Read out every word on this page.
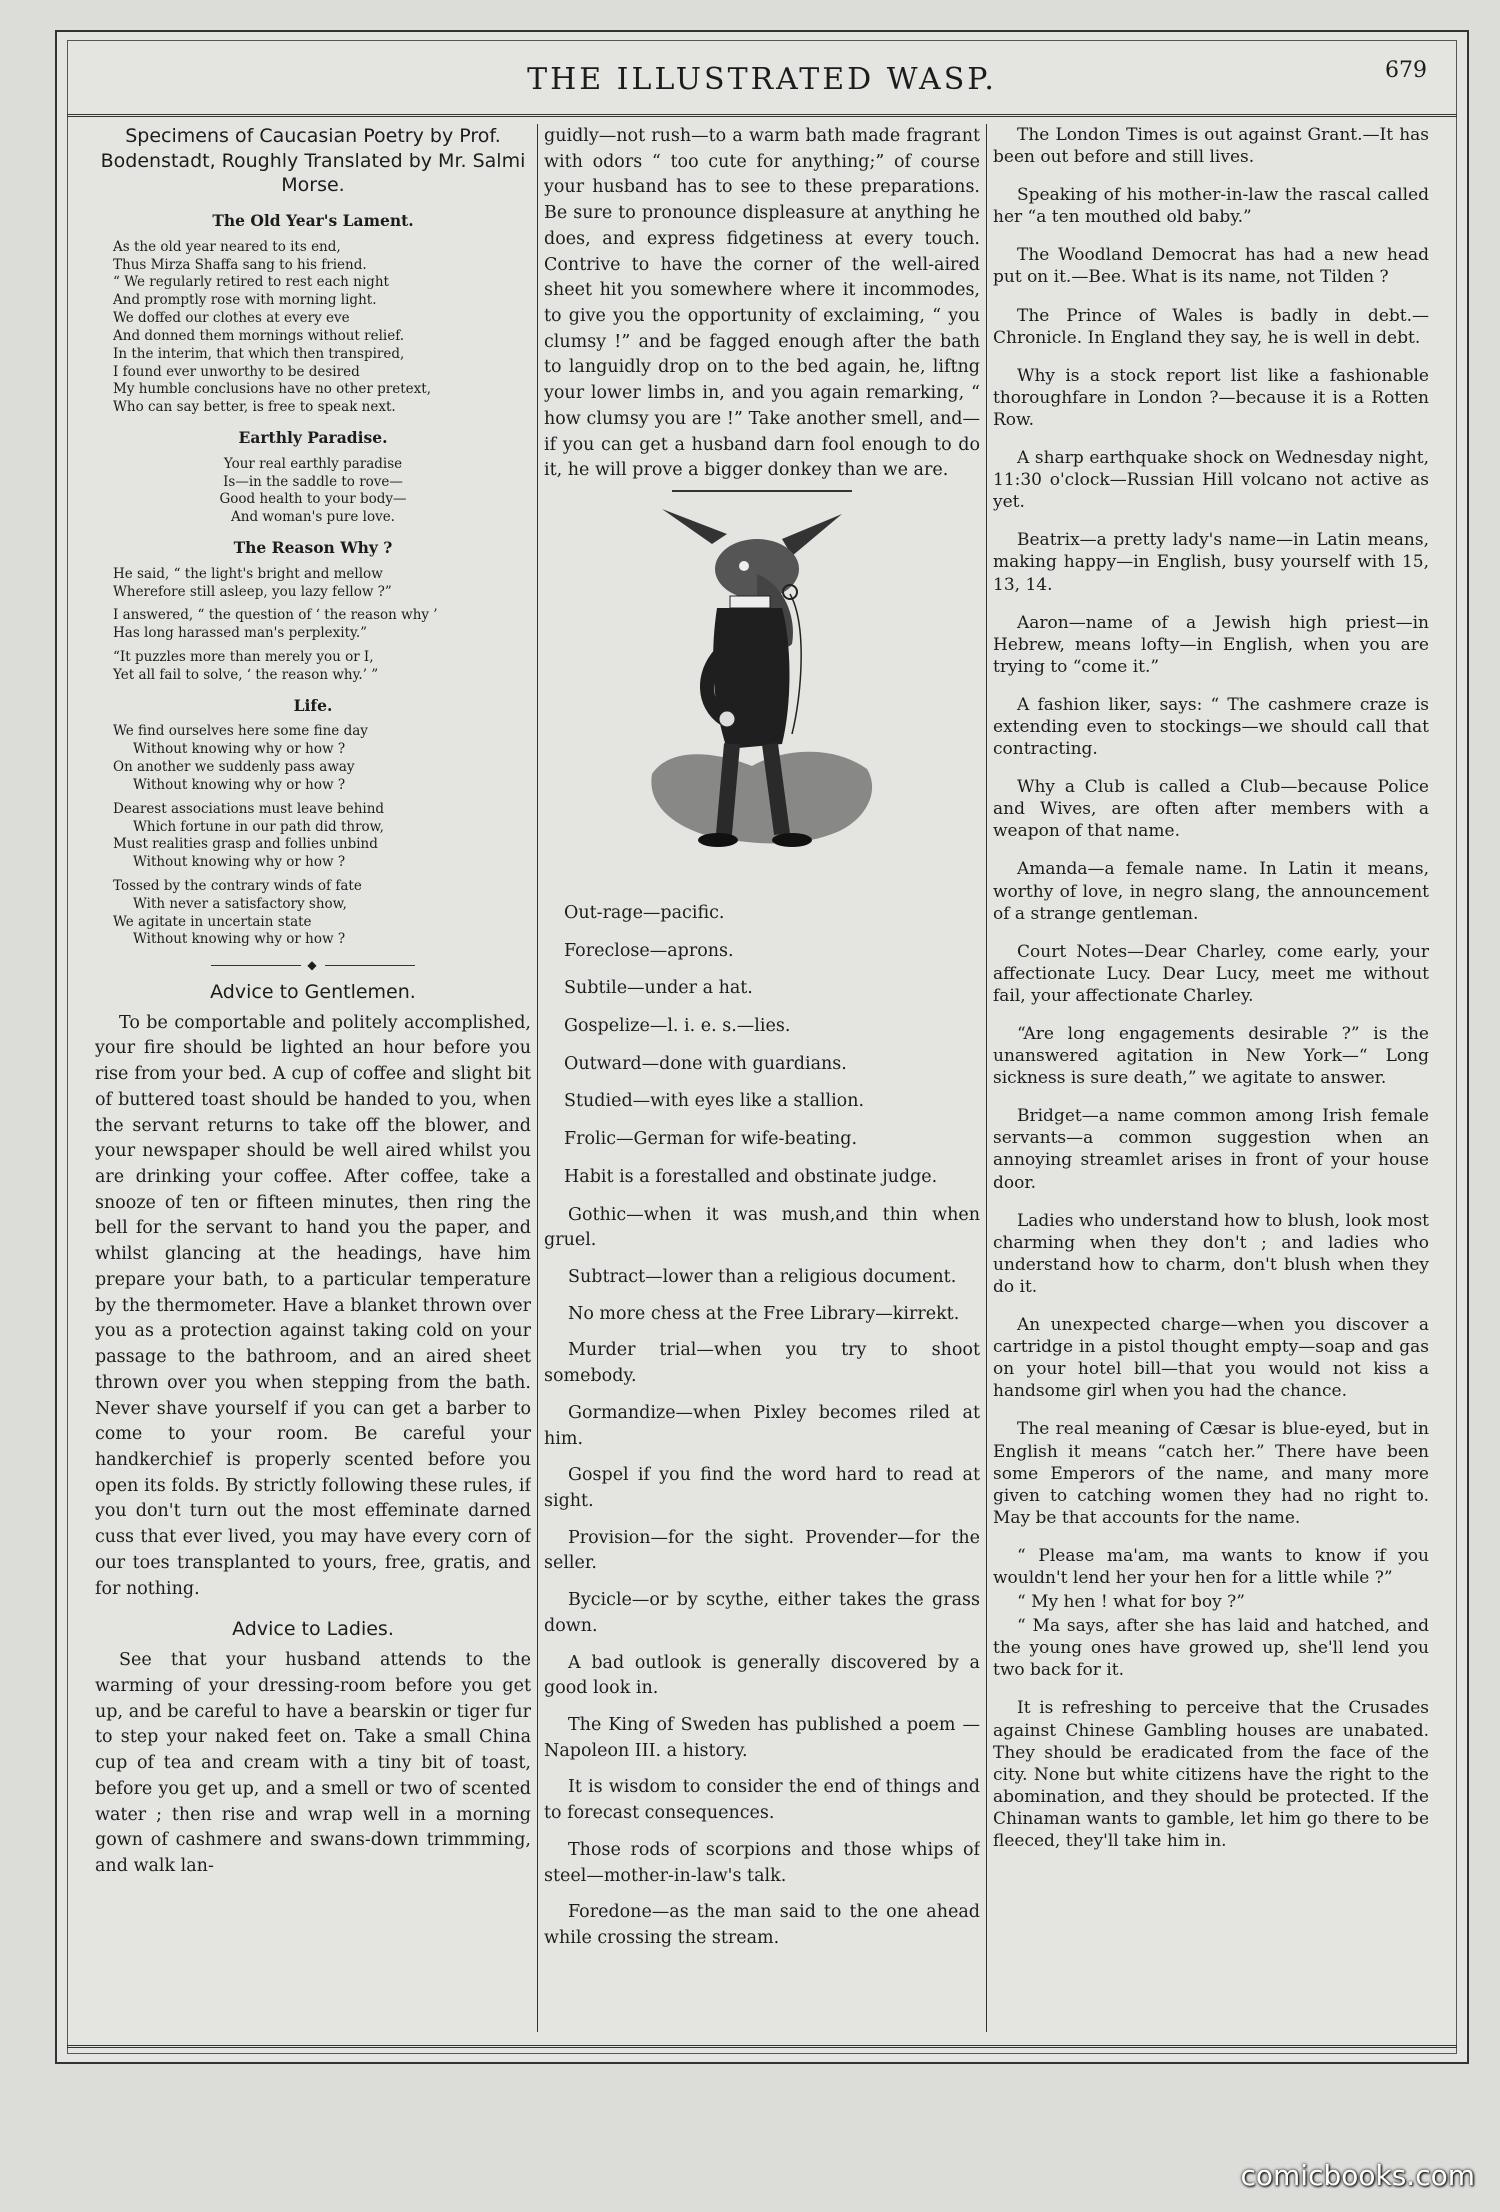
THE ILLUSTRATED WASP.	679
Specimens of Caucasian Poetry by Prof. Bodenstadt, Roughly Translated by Mr. Salmi Morse.
The Old Year's Lament.
As the old year neared to its end,
Thus Mirza Shaffa sang to his friend.
“ We regularly retired to rest each night
And promptly rose with morning light.
We doffed our clothes at every eve
And donned them mornings without relief.
In the interim, that which then transpired,
I found ever unworthy to be desired
My humble conclusions have no other pretext,
Who can say better, is free to speak next.
Earthly Paradise.
Your real earthly paradise
Is—in the saddle to rove—
Good health to your body—
And woman's pure love.
The Reason Why ?
He said, “ the light's bright and mellow
Wherefore still asleep, you lazy fellow ?”
I answered, “ the question of ‘ the reason why ’
Has long harassed man's perplexity.”
“It puzzles more than merely you or I,
Yet all fail to solve, ‘ the reason why.’ ”
Life.
We find ourselves here some fine day
Without knowing why or how ?
On another we suddenly pass away
Without knowing why or how ?
Dearest associations must leave behind
Which fortune in our path did throw,
Must realities grasp and follies unbind
Without knowing why or how ?
Tossed by the contrary winds of fate
With never a satisfactory show,
We agitate in uncertain state
Without knowing why or how ?
◆
Advice to Gentlemen.

To be comportable and politely accomplished, your fire should be lighted an hour before you rise from your bed. A cup of coffee and slight bit of buttered toast should be handed to you, when the servant returns to take off the blower, and your newspaper should be well aired whilst you are drinking your coffee. After coffee, take a snooze of ten or fifteen minutes, then ring the bell for the servant to hand you the paper, and whilst glancing at the headings, have him prepare your bath, to a particular temperature by the thermometer. Have a blanket thrown over you as a protection against taking cold on your passage to the bathroom, and an aired sheet thrown over you when stepping from the bath. Never shave yourself if you can get a barber to come to your room. Be careful your handkerchief is properly scented before you open its folds. By strictly following these rules, if you don't turn out the most effeminate darned cuss that ever lived, you may have every corn of our toes transplanted to yours, free, gratis, and for nothing.

Advice to Ladies.

See that your husband attends to the warming of your dressing-room before you get up, and be careful to have a bearskin or tiger fur to step your naked feet on. Take a small China cup of tea and cream with a tiny bit of toast, before you get up, and a smell or two of scented water ; then rise and wrap well in a morning gown of cashmere and swans-down trimmming, and walk lan-

guidly—not rush—to a warm bath made fragrant with odors “ too cute for anything;” of course your husband has to see to these preparations. Be sure to pronounce displeasure at anything he does, and express fidgetiness at every touch. Contrive to have the corner of the well-aired sheet hit you somewhere where it incommodes, to give you the opportunity of exclaiming, “ you clumsy !” and be fagged enough after the bath to languidly drop on to the bed again, he, liftng your lower limbs in, and you again remarking, “ how clumsy you are !” Take another smell, and—if you can get a husband darn fool enough to do it, he will prove a bigger donkey than we are.

Out-rage—pacific.
Foreclose—aprons.
Subtile—under a hat.
Gospelize—l. i. e. s.—lies.
Outward—done with guardians.
Studied—with eyes like a stallion.
Frolic—German for wife-beating.
Habit is a forestalled and obstinate judge.

Gothic—when it was mush,and thin when gruel.

Subtract—lower than a religious document.

No more chess at the Free Library—kirrekt.

Murder trial—when you try to shoot somebody.

Gormandize—when Pixley becomes riled at him.

Gospel if you find the word hard to read at sight.

Provision—for the sight. Provender—for the seller.

Bycicle—or by scythe, either takes the grass down.

A bad outlook is generally discovered by a good look in.

The King of Sweden has published a poem —Napoleon III. a history.

It is wisdom to consider the end of things and to forecast consequences.

Those rods of scorpions and those whips of steel—mother-in-law's talk.

Foredone—as the man said to the one ahead while crossing the stream.

The London Times is out against Grant.—It has been out before and still lives.

Speaking of his mother-in-law the rascal called her “a ten mouthed old baby.”

The Woodland Democrat has had a new head put on it.—Bee. What is its name, not Tilden ?

The Prince of Wales is badly in debt.—Chronicle. In England they say, he is well in debt.

Why is a stock report list like a fashionable thoroughfare in London ?—because it is a Rotten Row.

A sharp earthquake shock on Wednesday night, 11:30 o'clock—Russian Hill volcano not active as yet.

Beatrix—a pretty lady's name—in Latin means, making happy—in English, busy yourself with 15, 13, 14.

Aaron—name of a Jewish high priest—in Hebrew, means lofty—in English, when you are trying to “come it.”

A fashion liker, says: “ The cashmere craze is extending even to stockings—we should call that contracting.

Why a Club is called a Club—because Police and Wives, are often after members with a weapon of that name.

Amanda—a female name. In Latin it means, worthy of love, in negro slang, the announcement of a strange gentleman.

Court Notes—Dear Charley, come early, your affectionate Lucy. Dear Lucy, meet me without fail, your affectionate Charley.

“Are long engagements desirable ?” is the unanswered agitation in New York—“ Long sickness is sure death,” we agitate to answer.

Bridget—a name common among Irish female servants—a common suggestion when an annoying streamlet arises in front of your house door.

Ladies who understand how to blush, look most charming when they don't ; and ladies who understand how to charm, don't blush when they do it.

An unexpected charge—when you discover a cartridge in a pistol thought empty—soap and gas on your hotel bill—that you would not kiss a handsome girl when you had the chance.

The real meaning of Cæsar is blue-eyed, but in English it means “catch her.” There have been some Emperors of the name, and many more given to catching women they had no right to. May be that accounts for the name.

“ Please ma'am, ma wants to know if you wouldn't lend her your hen for a little while ?”

“ My hen ! what for boy ?”

“ Ma says, after she has laid and hatched, and the young ones have growed up, she'll lend you two back for it.

It is refreshing to perceive that the Crusades against Chinese Gambling houses are unabated. They should be eradicated from the face of the city. None but white citizens have the right to the abomination, and they should be protected. If the Chinaman wants to gamble, let him go there to be fleeced, they'll take him in.

comicbooks.com
